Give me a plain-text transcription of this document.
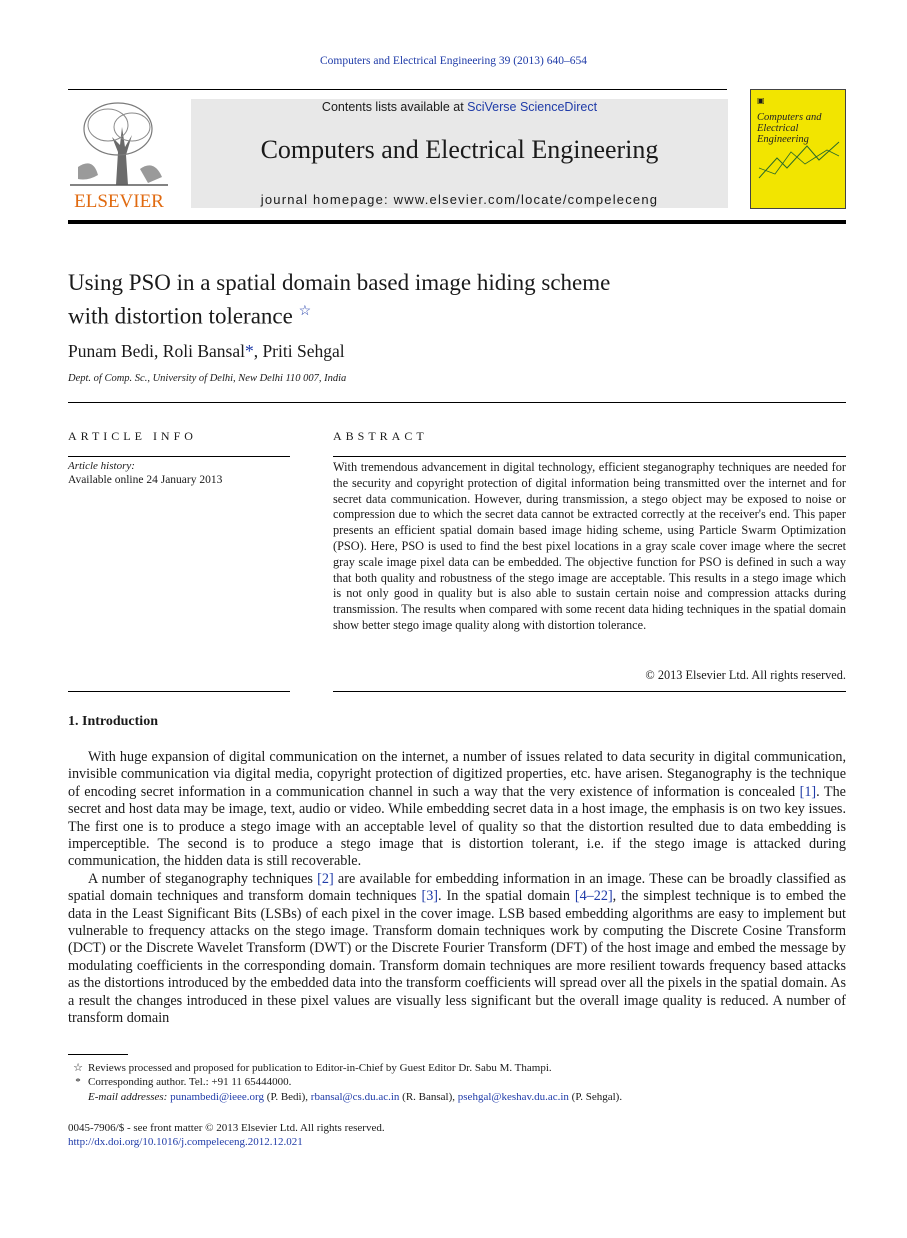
Computers and Electrical Engineering 39 (2013) 640–654
ELSEVIER
Contents lists available at SciVerse ScienceDirect
Computers and Electrical Engineering
journal homepage: www.elsevier.com/locate/compeleceng
▣
Computers and Electrical Engineering
Using PSO in a spatial domain based image hiding scheme
with distortion tolerance ☆
Punam Bedi, Roli Bansal*, Priti Sehgal
Dept. of Comp. Sc., University of Delhi, New Delhi 110 007, India
ARTICLE INFO
Article history:
Available online 24 January 2013
ABSTRACT
With tremendous advancement in digital technology, efficient steganography techniques are needed for the security and copyright protection of digital information being transmitted over the internet and for secret data communication. However, during transmission, a stego object may be exposed to noise or compression due to which the secret data cannot be extracted correctly at the receiver's end. This paper presents an efficient spatial domain based image hiding scheme, using Particle Swarm Optimization (PSO). Here, PSO is used to find the best pixel locations in a gray scale cover image where the secret gray scale image pixel data can be embedded. The objective function for PSO is defined in such a way that both quality and robustness of the stego image are acceptable. This results in a stego image which is not only good in quality but is also able to sustain certain noise and compression attacks during transmission. The results when compared with some recent data hiding techniques in the spatial domain show better stego image quality along with distortion tolerance.
© 2013 Elsevier Ltd. All rights reserved.
1. Introduction

With huge expansion of digital communication on the internet, a number of issues related to data security in digital communication, invisible communication via digital media, copyright protection of digitized properties, etc. have arisen. Steganography is the technique of encoding secret information in a communication channel in such a way that the very existence of information is concealed [1]. The secret and host data may be image, text, audio or video. While embedding secret data in a host image, the emphasis is on two key issues. The first one is to produce a stego image with an acceptable level of quality so that the distortion resulted due to data embedding is imperceptible. The second is to produce a stego image that is distortion tolerant, i.e. if the stego image is attacked during communication, the hidden data is still recoverable.

A number of steganography techniques [2] are available for embedding information in an image. These can be broadly classified as spatial domain techniques and transform domain techniques [3]. In the spatial domain [4–22], the simplest technique is to embed the data in the Least Significant Bits (LSBs) of each pixel in the cover image. LSB based embedding algorithms are easy to implement but vulnerable to frequency attacks on the stego image. Transform domain techniques work by computing the Discrete Cosine Transform (DCT) or the Discrete Wavelet Transform (DWT) or the Discrete Fourier Transform (DFT) of the host image and embed the message by modulating coefficients in the corresponding domain. Transform domain techniques are more resilient towards frequency based attacks as the distortions introduced by the embedded data into the transform coefficients will spread over all the pixels in the spatial domain. As a result the changes introduced in these pixel values are visually less significant but the overall image quality is reduced. A number of transform domain

☆ Reviews processed and proposed for publication to Editor-in-Chief by Guest Editor Dr. Sabu M. Thampi.
* Corresponding author. Tel.: +91 11 65444000.
E-mail addresses: punambedi@ieee.org (P. Bedi), rbansal@cs.du.ac.in (R. Bansal), psehgal@keshav.du.ac.in (P. Sehgal).
0045-7906/$ - see front matter © 2013 Elsevier Ltd. All rights reserved.
http://dx.doi.org/10.1016/j.compeleceng.2012.12.021
